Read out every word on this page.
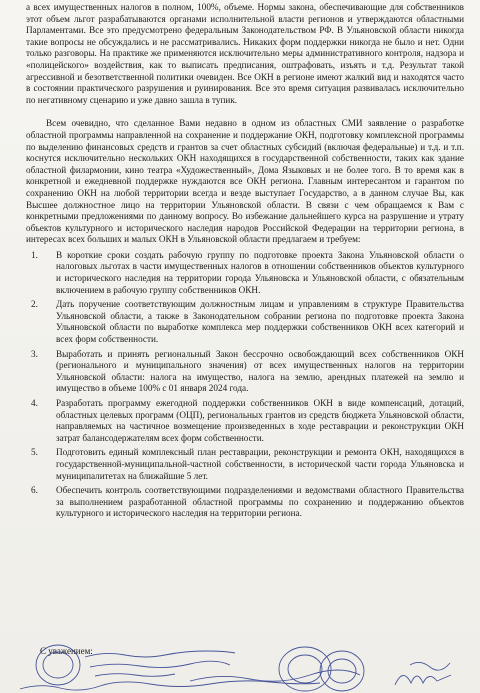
а всех имущественных налогов в полном, 100%, объеме. Нормы закона, обеспечивающие для собственников этот объем льгот разрабатываются органами исполнительной власти регионов и утверждаются областными Парламентами. Все это предусмотрено федеральным Законодательством РФ. В Ульяновской области никогда такие вопросы не обсуждались и не рассматривались. Никаких форм поддержки никогда не было и нет. Одни только разговоры. На практике же применяются исключительно меры административного контроля, надзора и «полицейского» воздействия, как то выписать предписания, оштрафовать, изъять и т.д. Результат такой агрессивной и безответственной политики очевиден. Все ОКН в регионе имеют жалкий вид и находятся часто в состоянии практического разрушения и руинирования. Все это время ситуация развивалась исключительно по негативному сценарию и уже давно зашла в тупик.

Всем очевидно, что сделанное Вами недавно в одном из областных СМИ заявление о разработке областной программы направленной на сохранение и поддержание ОКН, подготовку комплексной программы по выделению финансовых средств и грантов за счет областных субсидий (включая федеральные) и т.д. и т.п. коснутся исключительно нескольких ОКН находящихся в государственной собственности, таких как здание областной филармонии, кино театра «Художественный», Дома Языковых и не более того. В то время как в конкретной и ежедневной поддержке нуждаются все ОКН региона. Главным интересантом и гарантом по сохранению ОКН на любой территории всегда и везде выступает Государство, а в данном случае Вы, как Высшее должностное лицо на территории Ульяновской области. В связи с чем обращаемся к Вам с конкретными предложениями по данному вопросу. Во избежание дальнейшего курса на разрушение и утрату объектов культурного и исторического наследия народов Российской Федерации на территории региона, в интересах всех больших и малых ОКН в Ульяновской области предлагаем и требуем:

1. В короткие сроки создать рабочую группу по подготовке проекта Закона Ульяновской области о налоговых льготах в части имущественных налогов в отношении собственников объектов культурного и исторического наследия на территории города Ульяновска и Ульяновской области, с обязательным включением в рабочую группу собственников ОКН.
2. Дать поручение соответствующим должностным лицам и управлениям в структуре Правительства Ульяновской области, а также в Законодательном собрании региона по подготовке проекта Закона Ульяновской области по выработке комплекса мер поддержки собственников ОКН всех категорий и всех форм собственности.
3. Выработать и принять региональный Закон бессрочно освобождающий всех собственников ОКН (регионального и муниципального значения) от всех имущественных налогов на территории Ульяновской области: налога на имущество, налога на землю, арендных платежей на землю и имущество в объеме 100% с 01 января 2024 года.
4. Разработать программу ежегодной поддержки собственников ОКН в виде компенсаций, дотаций, областных целевых программ (ОЦП), региональных грантов из средств бюджета Ульяновской области, направляемых на частичное возмещение произведенных в ходе реставрации и реконструкции ОКН затрат балансодержателям всех форм собственности.
5. Подготовить единый комплексный план реставрации, реконструкции и ремонта ОКН, находящихся в государственной-муниципальной-частной собственности, в исторической части города Ульяновска и муниципалитетах на ближайшие 5 лет.
6. Обеспечить контроль соответствующими подразделениями и ведомствами областного Правительства за выполнением разработанной областной программы по сохранению и поддержанию объектов культурного и исторического наследия на территории региона.
С уважением:
